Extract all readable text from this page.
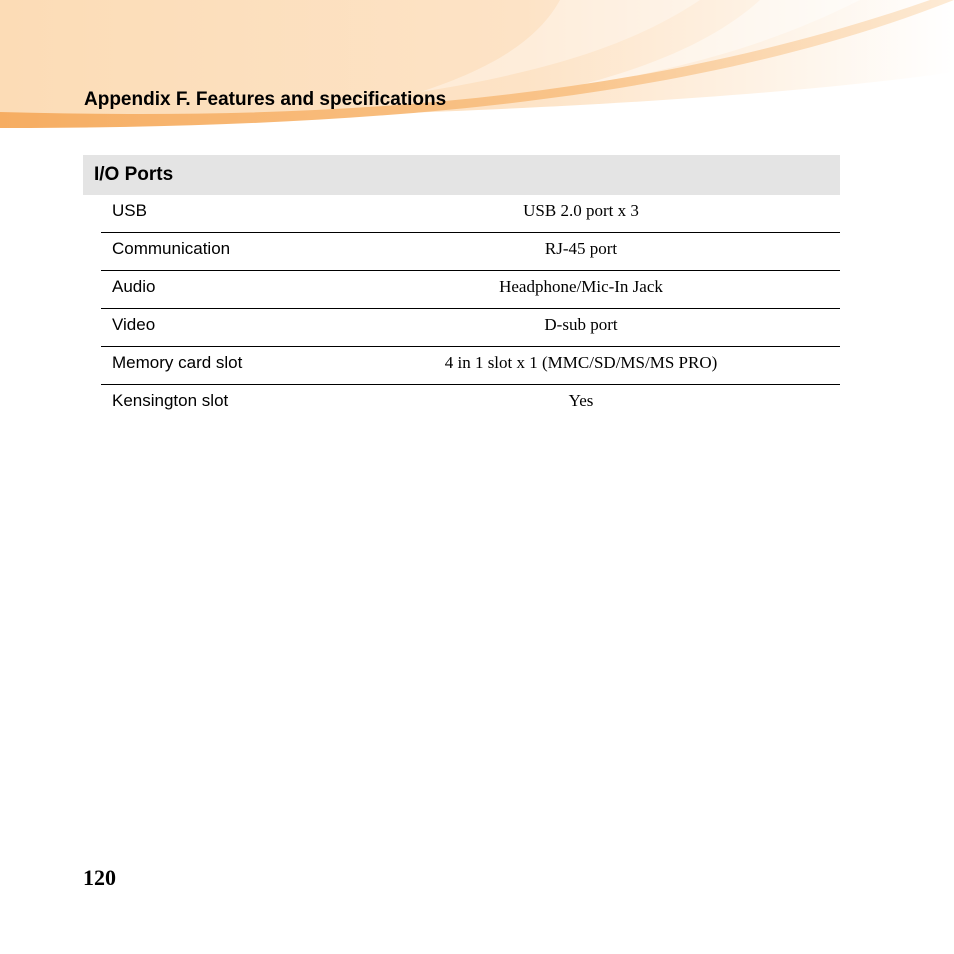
Appendix F. Features and specifications
I/O Ports
USB	USB 2.0 port x 3
Communication	RJ-45 port
Audio	Headphone/Mic-In Jack
Video	D-sub port
Memory card slot	4 in 1 slot x 1 (MMC/SD/MS/MS PRO)
Kensington slot	Yes
120
